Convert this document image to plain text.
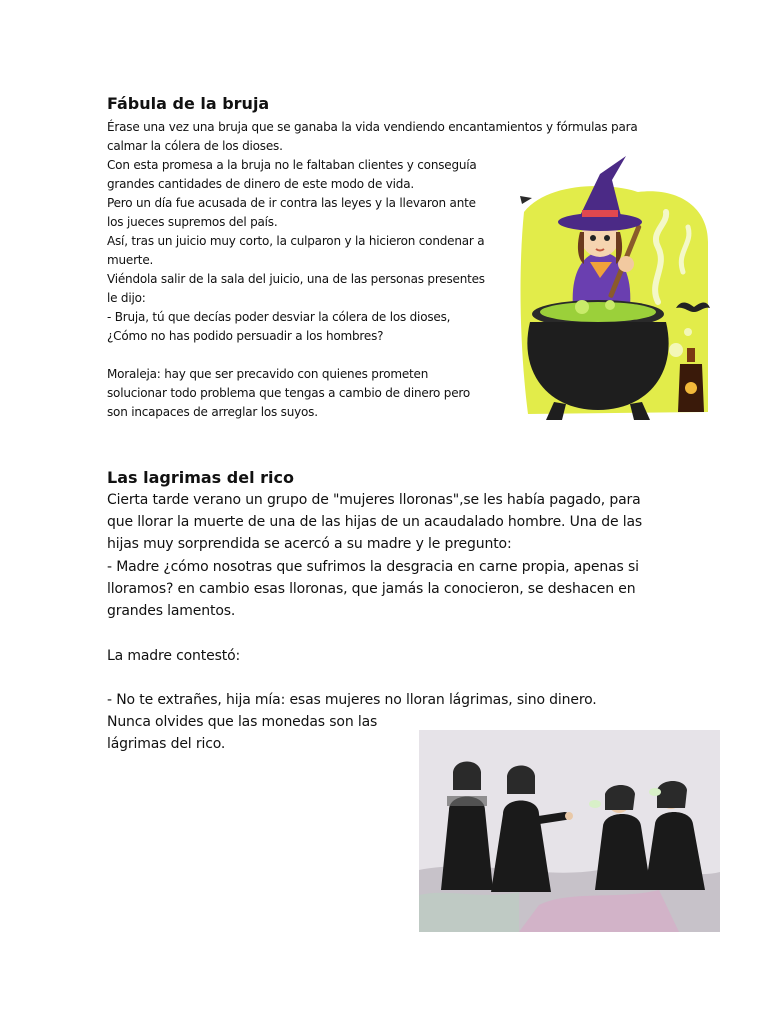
Fábula de la bruja
Érase una vez una bruja que se ganaba la vida vendiendo encantamientos y fórmulas para
calmar la cólera de los dioses.
Con esta promesa a la bruja no le faltaban clientes y conseguía
grandes cantidades de dinero de este modo de vida.
Pero un día fue acusada de ir contra las leyes y la llevaron ante
los jueces supremos del país.
Así, tras un juicio muy corto, la culparon y la hicieron condenar a
muerte.
Viéndola salir de la sala del juicio, una de las personas presentes
le dijo:
- Bruja, tú que decías poder desviar la cólera de los dioses,
¿Cómo no has podido persuadir a los hombres?
Moraleja: hay que ser precavido con quienes prometen
solucionar todo problema que tengas a cambio de dinero pero
son incapaces de arreglar los suyos.
Las lagrimas del rico
Cierta tarde verano un grupo de "mujeres lloronas",se les había pagado, para
que llorar la muerte de una de las hijas de un acaudalado hombre. Una de las
hijas muy sorprendida se acercó a su madre y le pregunto:
- Madre ¿cómo nosotras que sufrimos la desgracia en carne propia, apenas si
lloramos? en cambio esas lloronas, que jamás la conocieron, se deshacen en
grandes lamentos.
La madre contestó:
- No te extrañes, hija mía: esas mujeres no lloran lágrimas, sino dinero.
Nunca olvides que las monedas son las
lágrimas del rico.
